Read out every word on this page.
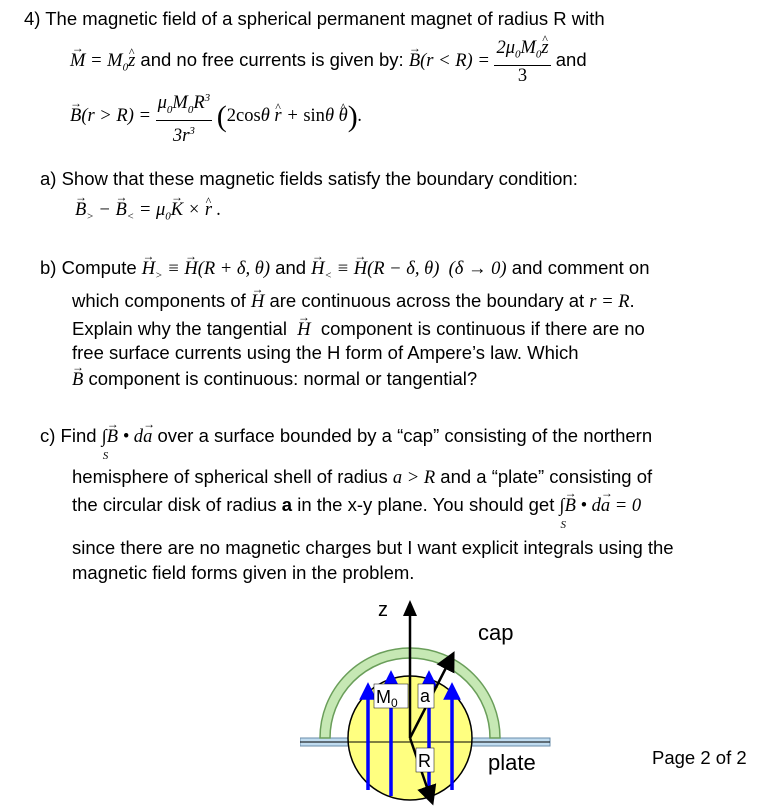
4) The magnetic field of a spherical permanent magnet of radius R with
→ $M = M_0\^{}$ z and no free currents is given by: → $B(r < R) = \frac{2\mu_0M_0\^{} z}{3}$ and
→ $B(r > R) = \frac{\mu_0M_0R^3}{3r^3} (2\cos\theta$ ^ r + sinθ ^ θ).
a) Show that these magnetic fields satisfy the boundary condition:
→ $B_>$ − → $B_< = \mu_0\to K$ × ^ r .
b) Compute → $H_>$ ≡ → H(R + δ, θ) and → $H_<$ ≡ → H(R − δ, θ)  (δ → 0) and comment on
which components of → H are continuous across the boundary at r = R.
Explain why the tangential → H component is continuous if there are no
free surface currents using the H form of Ampere’s law. Which
→ B component is continuous: normal or tangential?
c) Find ∫
S
→ B • d→ a over a surface bounded by a “cap” consisting of the northern
hemisphere of spherical shell of radius a > R and a “plate” consisting of
the circular disk of radius a in the x-y plane. You should get ∫
S
→ B • d→ a = 0
since there are no magnetic charges but I want explicit integrals using the
magnetic field forms given in the problem.
z
$M_0$ a
R
cap
plate	Page 2 of 2
